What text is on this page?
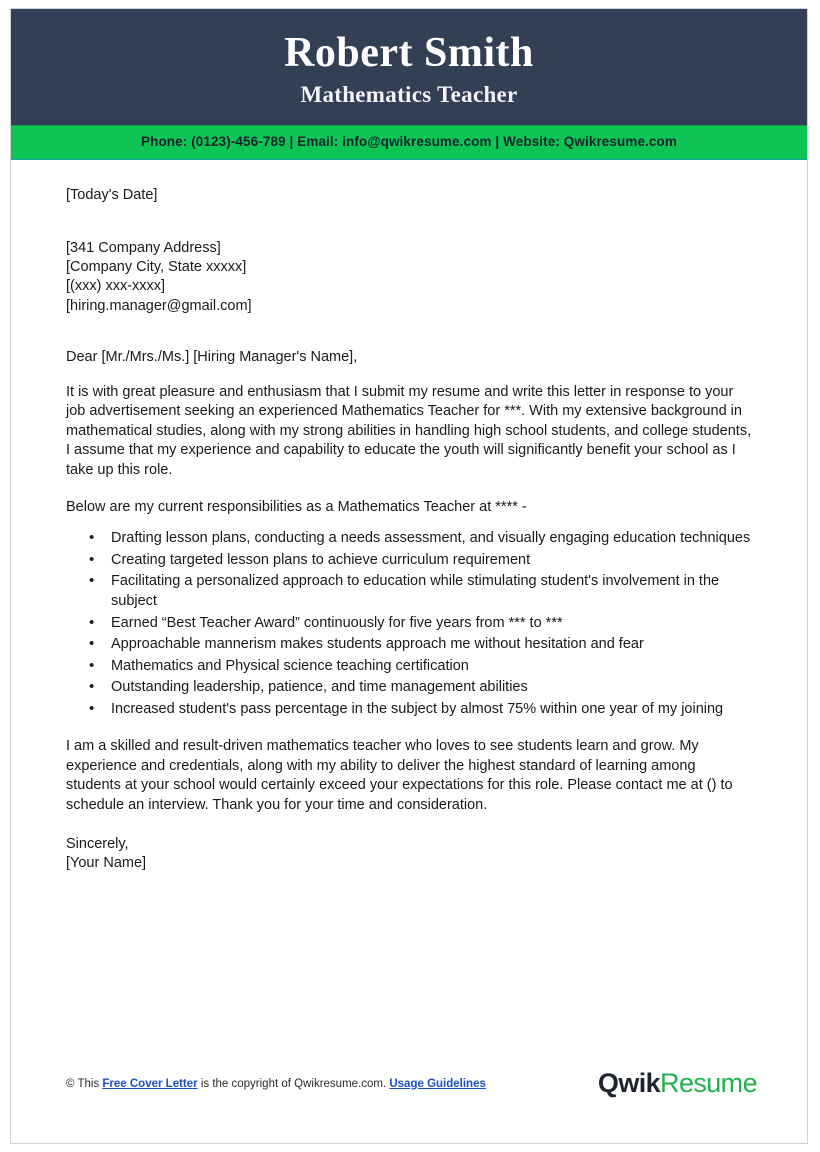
Robert Smith
Mathematics Teacher
Phone: (0123)-456-789 | Email: info@qwikresume.com | Website: Qwikresume.com
[Today's Date]

[341 Company Address]

[Company City, State xxxxx]

[(xxx) xxx-xxxx]

[hiring.manager@gmail.com]

Dear [Mr./Mrs./Ms.] [Hiring Manager's Name],
It is with great pleasure and enthusiasm that I submit my resume and write this letter in response to your job advertisement seeking an experienced Mathematics Teacher for ***. With my extensive background in mathematical studies, along with my strong abilities in handling high school students, and college students, I assume that my experience and capability to educate the youth will significantly benefit your school as I take up this role.
Below are my current responsibilities as a Mathematics Teacher at **** -
• Drafting lesson plans, conducting a needs assessment, and visually engaging education techniques
• Creating targeted lesson plans to achieve curriculum requirement
• Facilitating a personalized approach to education while stimulating student's involvement in the subject
• Earned “Best Teacher Award” continuously for five years from *** to ***
• Approachable mannerism makes students approach me without hesitation and fear
• Mathematics and Physical science teaching certification
• Outstanding leadership, patience, and time management abilities
• Increased student's pass percentage in the subject by almost 75% within one year of my joining
I am a skilled and result-driven mathematics teacher who loves to see students learn and grow. My experience and credentials, along with my ability to deliver the highest standard of learning among students at your school would certainly exceed your expectations for this role. Please contact me at () to schedule an interview. Thank you for your time and consideration.

Sincerely,

[Your Name]

© This Free Cover Letter is the copyright of Qwikresume.com. Usage Guidelines	QwikResume
